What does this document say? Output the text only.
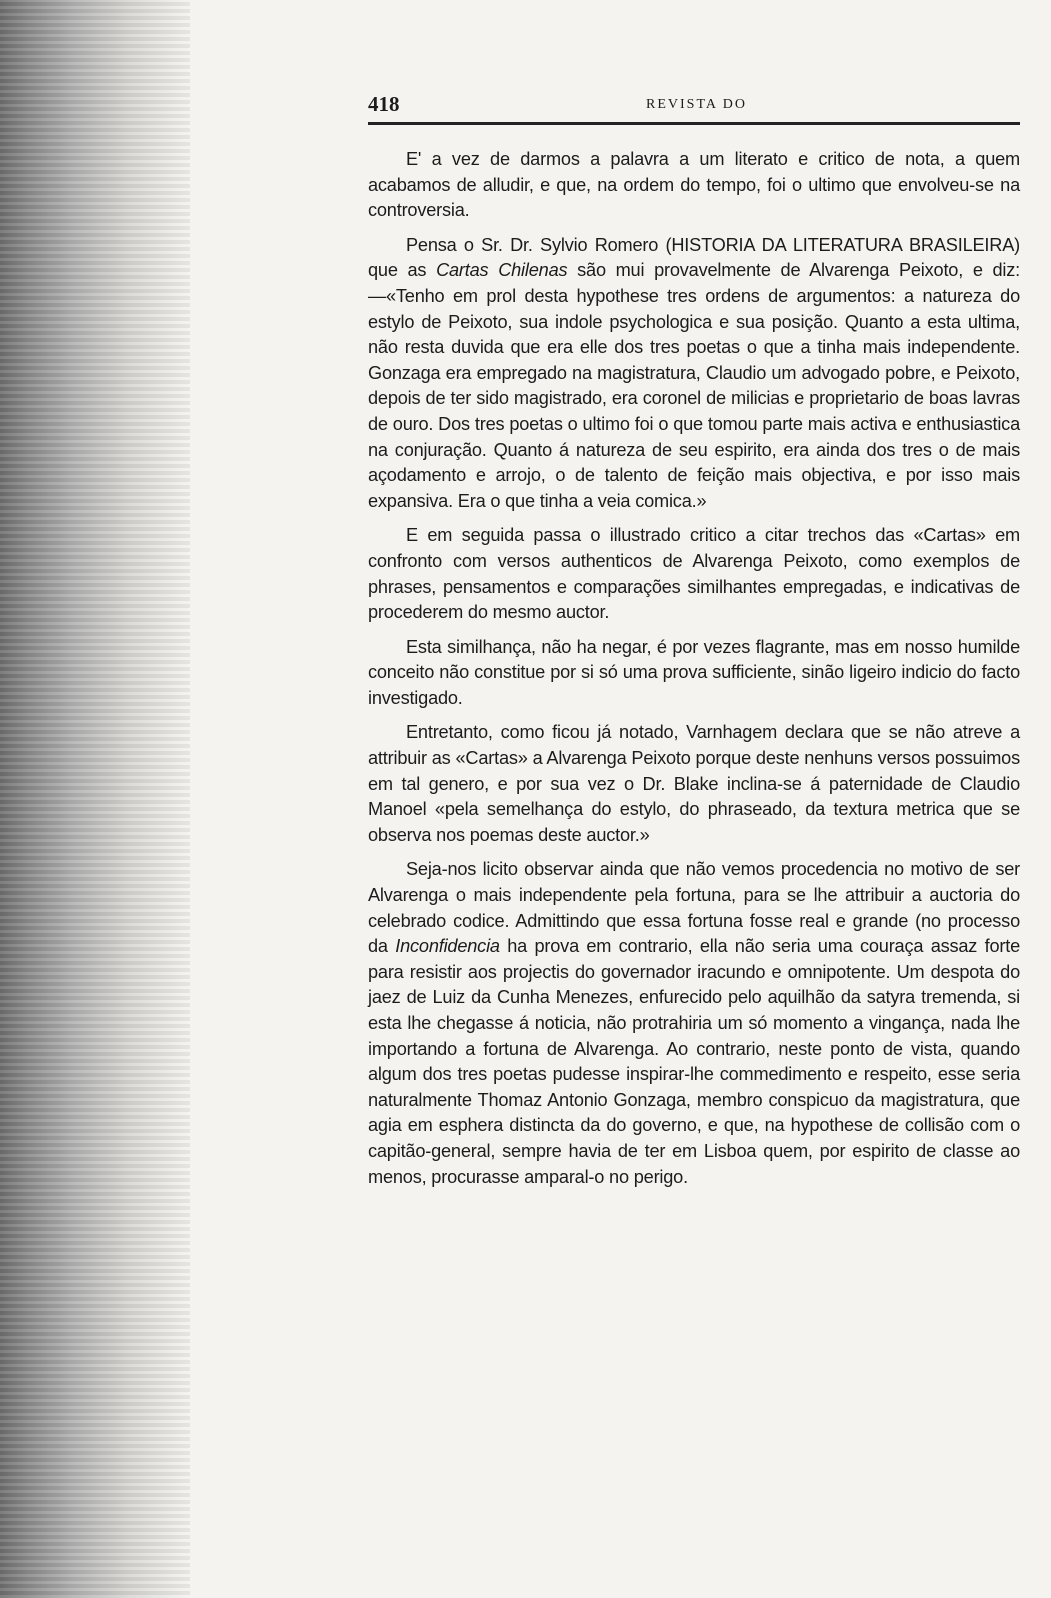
418	REVISTA DO

E' a vez de darmos a palavra a um literato e critico de nota, a quem acabamos de alludir, e que, na ordem do tempo, foi o ultimo que envolveu-se na controversia.

Pensa o Sr. Dr. Sylvio Romero (HISTORIA DA LITERATURA BRASILEIRA) que as Cartas Chilenas são mui provavelmente de Alvarenga Peixoto, e diz:—«Tenho em prol desta hypothese tres ordens de argumentos: a natureza do estylo de Peixoto, sua indole psychologica e sua posição. Quanto a esta ultima, não resta duvida que era elle dos tres poetas o que a tinha mais independente. Gonzaga era empregado na magistratura, Claudio um advogado pobre, e Peixoto, depois de ter sido magistrado, era coronel de milicias e proprietario de boas lavras de ouro. Dos tres poetas o ultimo foi o que tomou parte mais activa e enthusiastica na conjuração. Quanto á natureza de seu espirito, era ainda dos tres o de mais açodamento e arrojo, o de talento de feição mais objectiva, e por isso mais expansiva. Era o que tinha a veia comica.»

E em seguida passa o illustrado critico a citar trechos das «Cartas» em confronto com versos authenticos de Alvarenga Peixoto, como exemplos de phrases, pensamentos e comparações similhantes empregadas, e indicativas de procederem do mesmo auctor.

Esta similhança, não ha negar, é por vezes flagrante, mas em nosso humilde conceito não constitue por si só uma prova sufficiente, sinão ligeiro indicio do facto investigado.

Entretanto, como ficou já notado, Varnhagem declara que se não atreve a attribuir as «Cartas» a Alvarenga Peixoto porque deste nenhuns versos possuimos em tal genero, e por sua vez o Dr. Blake inclina-se á paternidade de Claudio Manoel «pela semelhança do estylo, do phraseado, da textura metrica que se observa nos poemas deste auctor.»

Seja-nos licito observar ainda que não vemos procedencia no motivo de ser Alvarenga o mais independente pela fortuna, para se lhe attribuir a auctoria do celebrado codice. Admittindo que essa fortuna fosse real e grande (no processo da Inconfidencia ha prova em contrario, ella não seria uma couraça assaz forte para resistir aos projectis do governador iracundo e omnipotente. Um despota do jaez de Luiz da Cunha Menezes, enfurecido pelo aquilhão da satyra tremenda, si esta lhe chegasse á noticia, não protrahiria um só momento a vingança, nada lhe importando a fortuna de Alvarenga. Ao contrario, neste ponto de vista, quando algum dos tres poetas pudesse inspirar-lhe commedimento e respeito, esse seria naturalmente Thomaz Antonio Gonzaga, membro conspicuo da magistratura, que agia em esphera distincta da do governo, e que, na hypothese de collisão com o capitão-general, sempre havia de ter em Lisboa quem, por espirito de classe ao menos, procurasse amparal-o no perigo.
